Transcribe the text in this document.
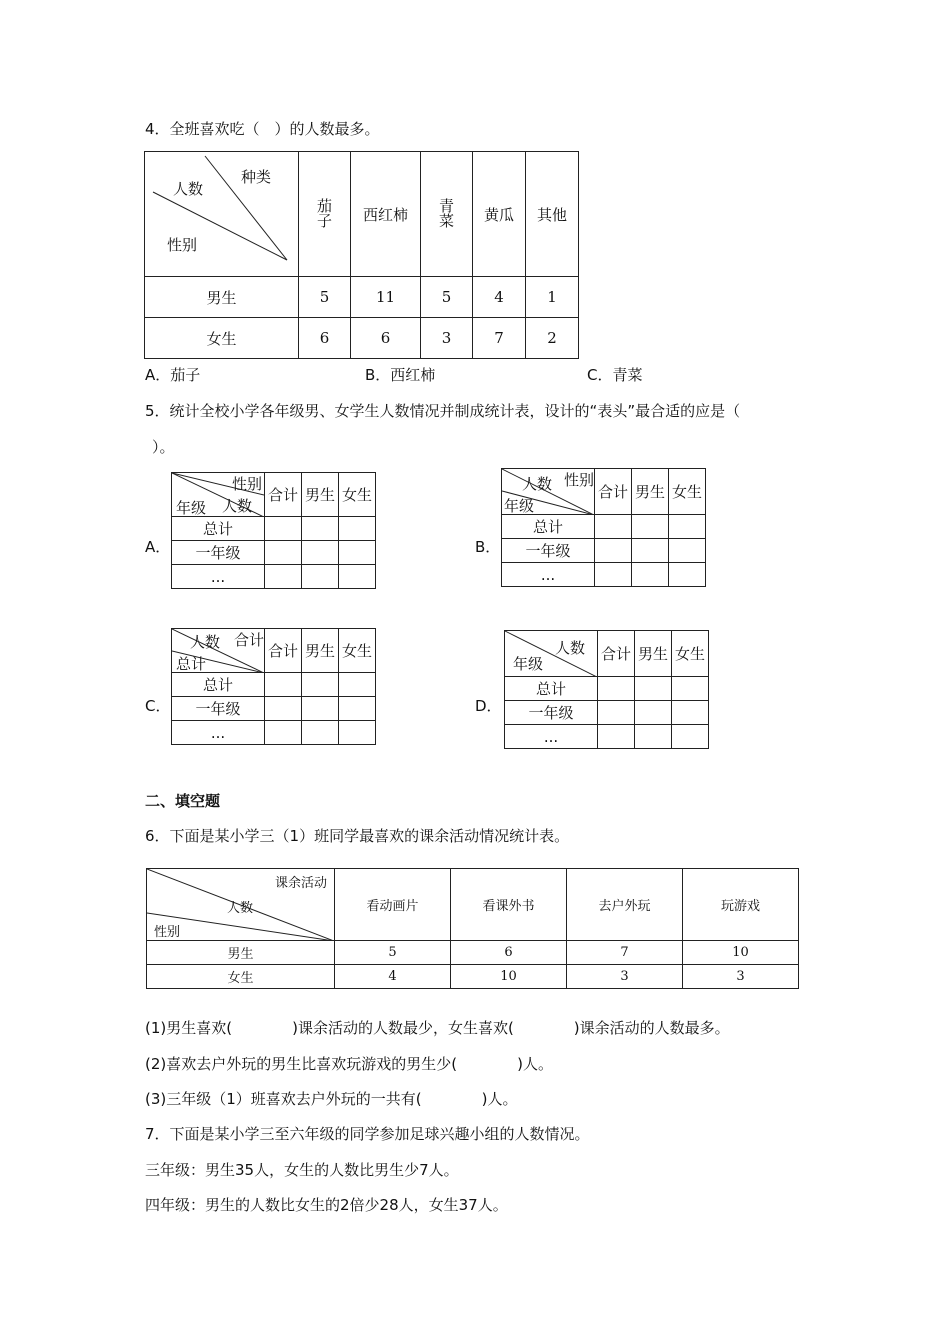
4．全班喜欢吃（　）的人数最多。
种类
人数
性别	茄子	西红柿	青菜	黄瓜	其他
男生	5	11	5	4	1
女生	6	6	3	7	2
A．茄子	B．西红柿	C．青菜
5．统计全校小学各年级男、女学生人数情况并制成统计表，设计的“表头”最合适的应是（
）。
A．
性别
人数
年级	合计	男生	女生
总计			
一年级			
...			
B．
性别
人数
年级	合计	男生	女生
总计			
一年级			
...			
C．
合计
人数
总计	合计	男生	女生
总计			
一年级			
...			
D．
人数
年级	合计	男生	女生
总计			
一年级			
...			
二、填空题
6．下面是某小学三（1）班同学最喜欢的课余活动情况统计表。
课余活动
人数
性别	看动画片	看课外书	去户外玩	玩游戏
男生	5	6	7	10
女生	4	10	3	3
(1)男生喜欢(　　　　)课余活动的人数最少，女生喜欢(　　　　)课余活动的人数最多。
(2)喜欢去户外玩的男生比喜欢玩游戏的男生少(　　　　)人。
(3)三年级（1）班喜欢去户外玩的一共有(　　　　)人。
7．下面是某小学三至六年级的同学参加足球兴趣小组的人数情况。
三年级：男生35人，女生的人数比男生少7人。
四年级：男生的人数比女生的2倍少28人，女生37人。
